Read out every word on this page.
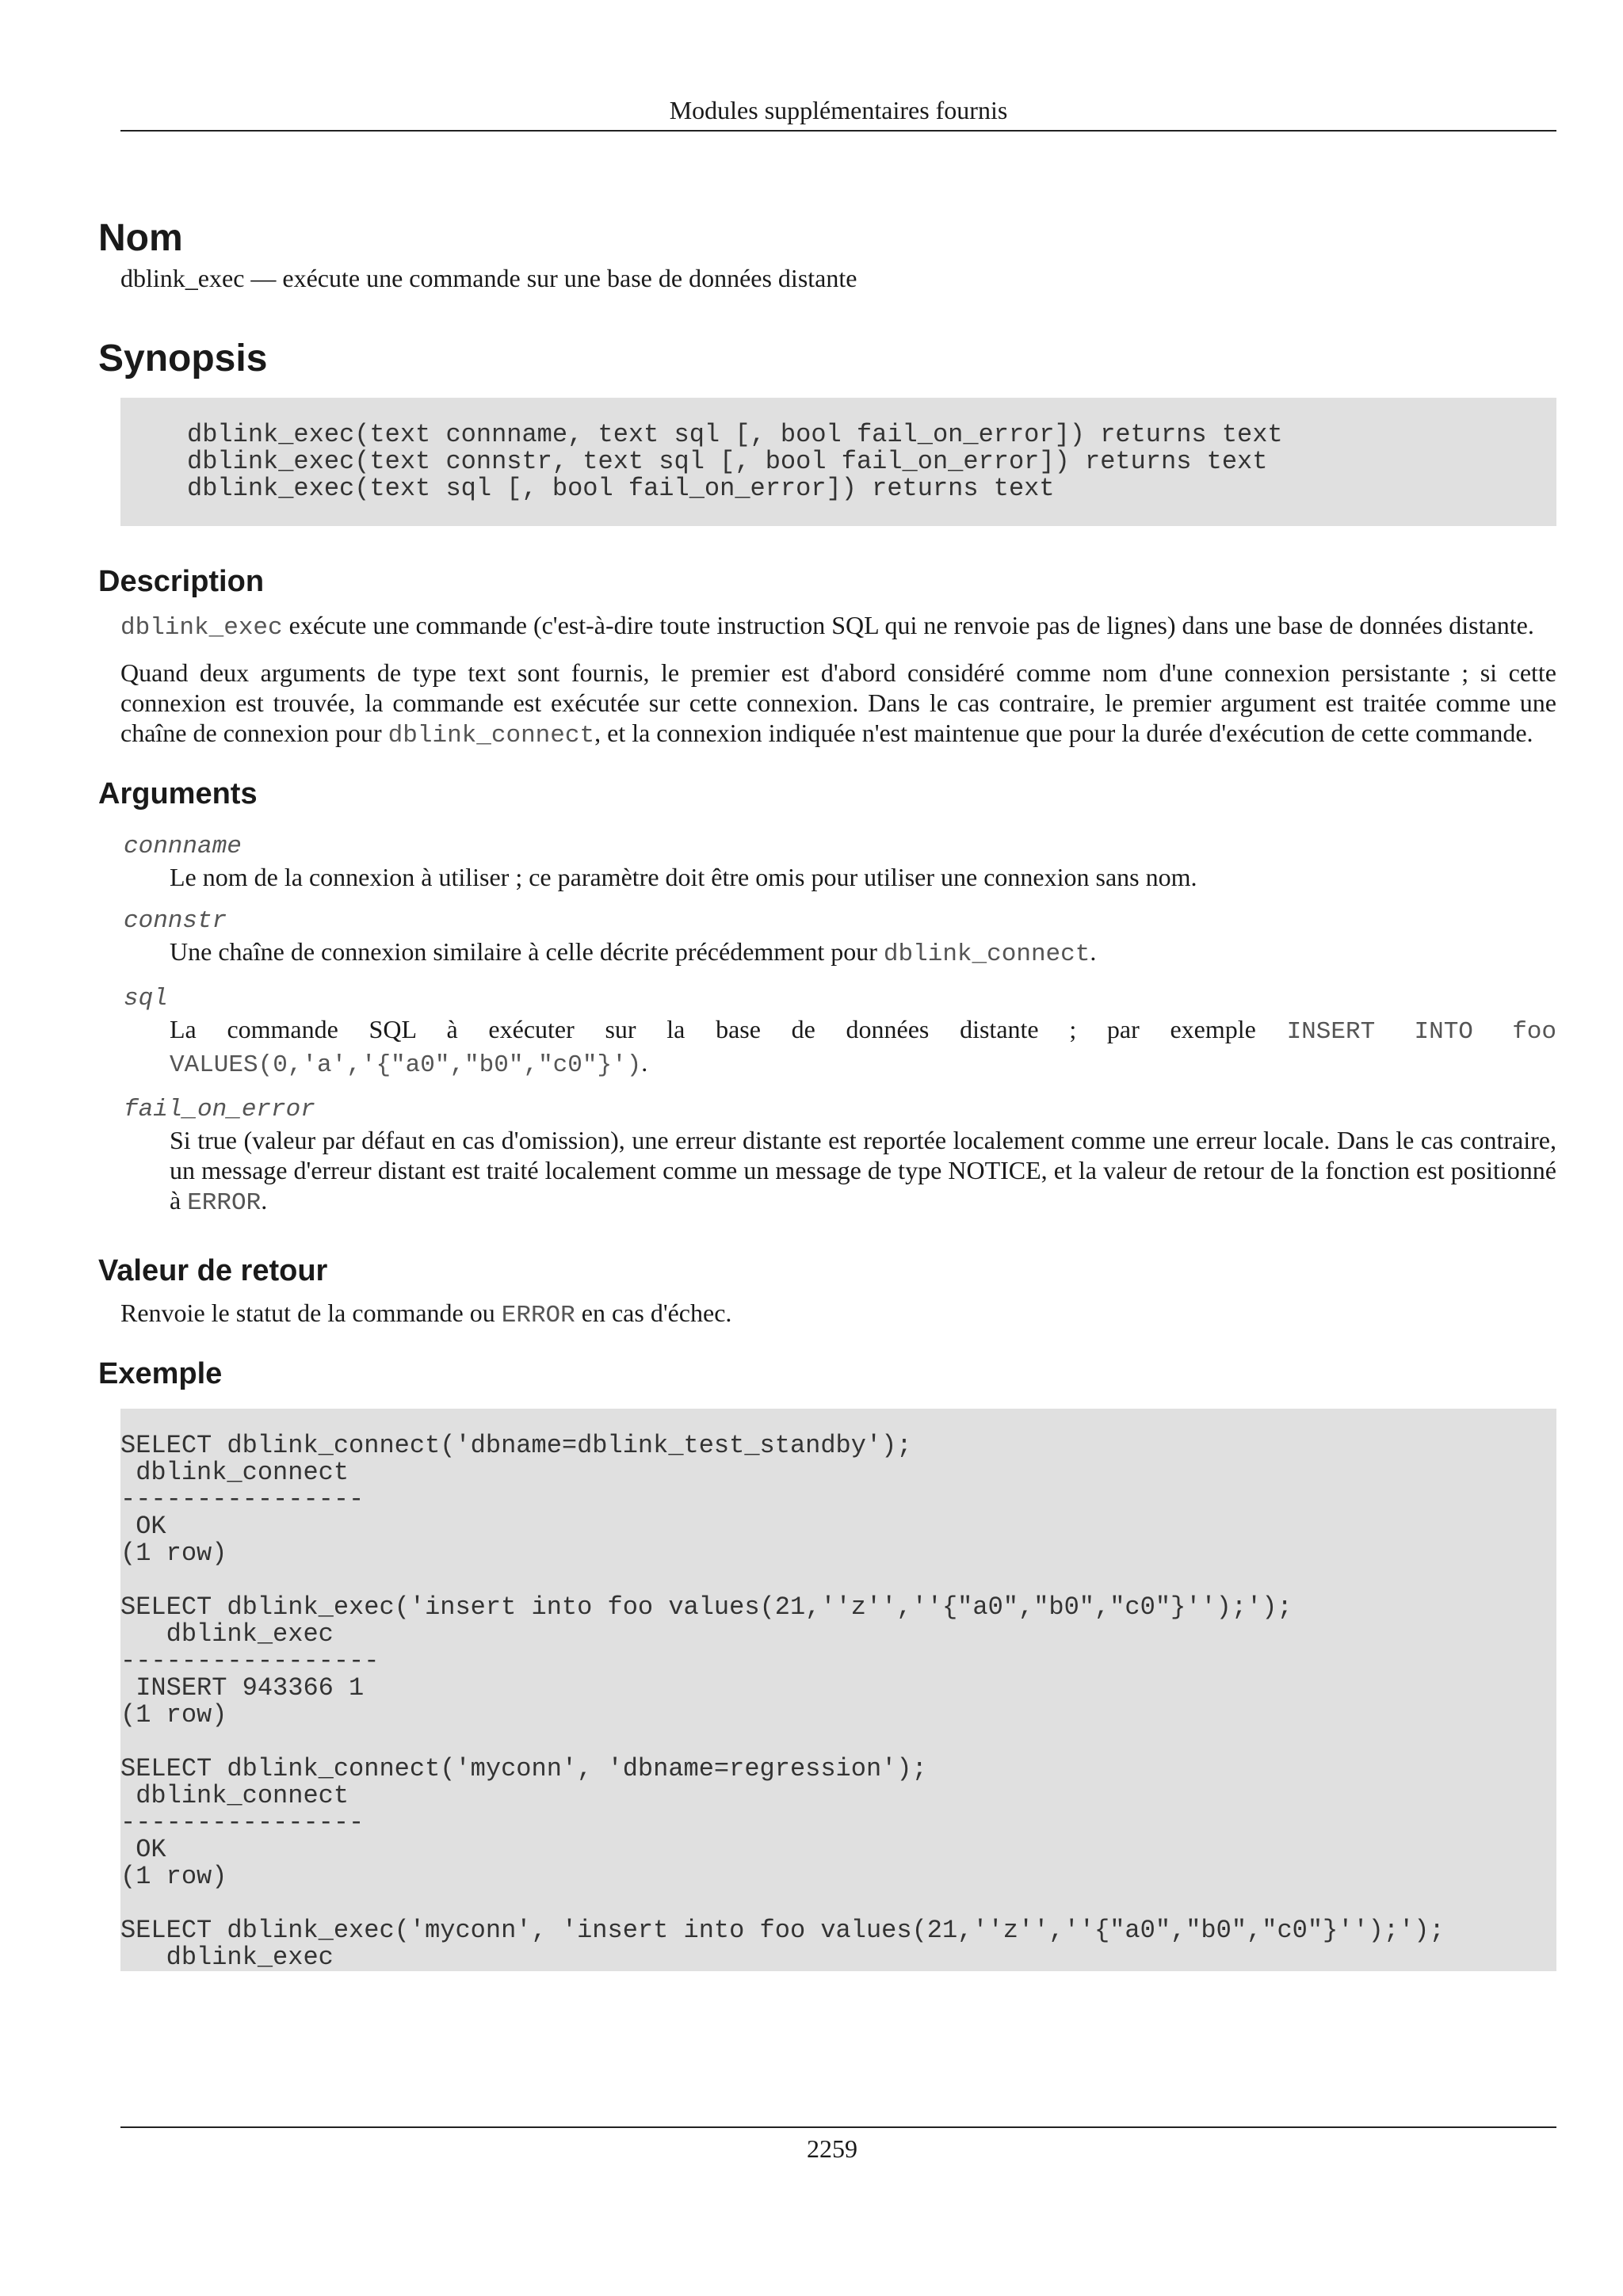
Modules supplémentaires fournis
Nom

dblink_exec — exécute une commande sur une base de données distante

Synopsis
dblink_exec(text connname, text sql [, bool fail_on_error]) returns text
dblink_exec(text connstr, text sql [, bool fail_on_error]) returns text
dblink_exec(text sql [, bool fail_on_error]) returns text
Description

dblink_exec exécute une commande (c'est-à-dire toute instruction SQL qui ne renvoie pas de lignes) dans une base de données distante.

Quand deux arguments de type text sont fournis, le premier est d'abord considéré comme nom d'une connexion persistante ; si cette connexion est trouvée, la commande est exécutée sur cette connexion. Dans le cas contraire, le premier argument est traitée comme une chaîne de connexion pour dblink_connect, et la connexion indiquée n'est maintenue que pour la durée d'exécution de cette commande.

Arguments
connname
Le nom de la connexion à utiliser ; ce paramètre doit être omis pour utiliser une connexion sans nom.
connstr
Une chaîne de connexion similaire à celle décrite précédemment pour dblink_connect.
sql
La commande SQL à exécuter sur la base de données distante ; par exemple INSERT INTO foo VALUES(0,'a','{"a0","b0","c0"}').
fail_on_error
Si true (valeur par défaut en cas d'omission), une erreur distante est reportée localement comme une erreur locale. Dans le cas contraire, un message d'erreur distant est traité localement comme un message de type NOTICE, et la valeur de retour de la fonction est positionné à ERROR.
Valeur de retour

Renvoie le statut de la commande ou ERROR en cas d'échec.

Exemple
SELECT dblink_connect('dbname=dblink_test_standby');
dblink_connect
----------------
OK
(1 row)

SELECT dblink_exec('insert into foo values(21,''z'',''{"a0","b0","c0"}'');');
dblink_exec
-----------------
INSERT 943366 1
(1 row)

SELECT dblink_connect('myconn', 'dbname=regression');
dblink_connect
----------------
OK
(1 row)

SELECT dblink_exec('myconn', 'insert into foo values(21,''z'',''{"a0","b0","c0"}'');');
dblink_exec
2259
